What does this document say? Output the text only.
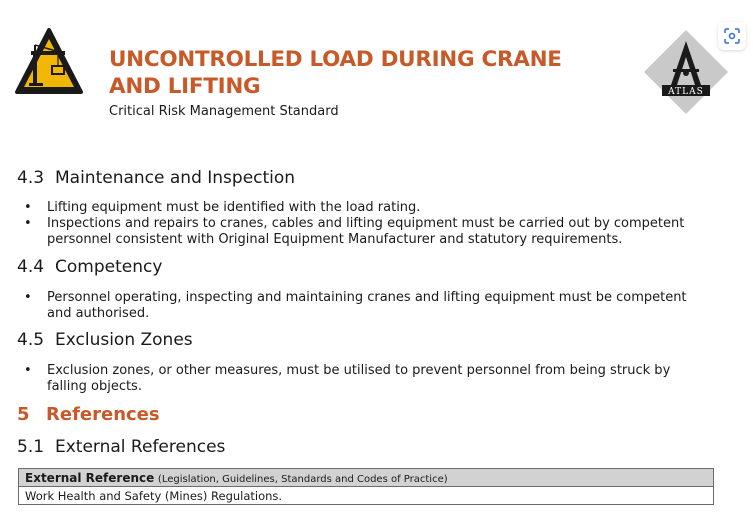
UNCONTROLLED LOAD DURING CRANE AND LIFTING
Critical Risk Management Standard
ATLAS
4.3 Maintenance and Inspection
• Lifting equipment must be identified with the load rating.
• Inspections and repairs to cranes, cables and lifting equipment must be carried out by competent personnel consistent with Original Equipment Manufacturer and statutory requirements.
4.4 Competency
• Personnel operating, inspecting and maintaining cranes and lifting equipment must be competent and authorised.
4.5 Exclusion Zones
• Exclusion zones, or other measures, must be utilised to prevent personnel from being struck by falling objects.
5 References
5.1 External References
External Reference (Legislation, Guidelines, Standards and Codes of Practice)
Work Health and Safety (Mines) Regulations.
